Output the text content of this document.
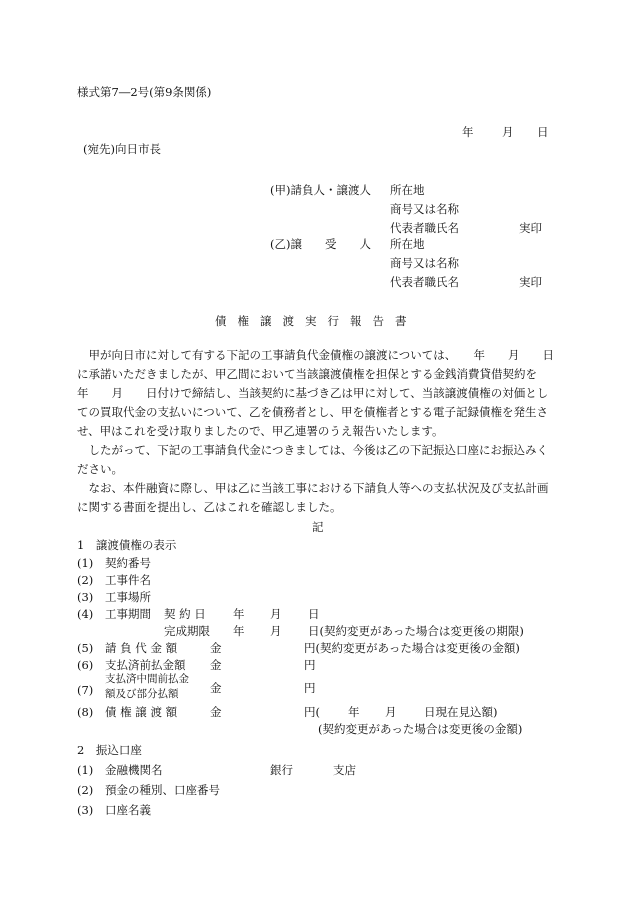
様式第7―2号(第9条関係)
年 月 日
(宛先)向日市長
(甲)請負人・譲渡人 所在地
商号又は名称
代表者職氏名	実印
(乙)譲　　受　　人 所在地
商号又は名称
代表者職氏名	実印
債権譲渡実行報告書

　甲が向日市に対して有する下記の工事請負代金債権の譲渡については、　　年　　月　　日に承諾いただきましたが、甲乙間において当該譲渡債権を担保とする金銭消費貸借契約を　　年　　月　　日付けで締結し、当該契約に基づき乙は甲に対して、当該譲渡債権の対価としての買取代金の支払いについて、乙を債務者とし、甲を債権者とする電子記録債権を発生させ、甲はこれを受け取りましたので、甲乙連署のうえ報告いたします。

　したがって、下記の工事請負代金につきましては、今後は乙の下記振込口座にお振込みください。

　なお、本件融資に際し、甲は乙に当該工事における下請負人等への支払状況及び支払計画に関する書面を提出し、乙はこれを確認しました。

記
1　譲渡債権の表示
(1) 契約番号
(2) 工事件名
(3) 工事場所
(4) 工事期間 契 約 日 年 月 日
完成期限 年 月 日(契約変更があった場合は変更後の期限)
(5) 請 負 代 金 額	金	円(契約変更があった場合は変更後の金額)
(6) 支払済前払金額 金	円
(7)
支払済中間前払金
額及び部分払額	金	円
(8) 債 権 譲 渡 額	金	円( 年 月 日現在見込額)
(契約変更があった場合は変更後の金額)
2　振込口座
(1) 金融機関名	銀行	支店
(2) 預金の種別、口座番号
(3) 口座名義
